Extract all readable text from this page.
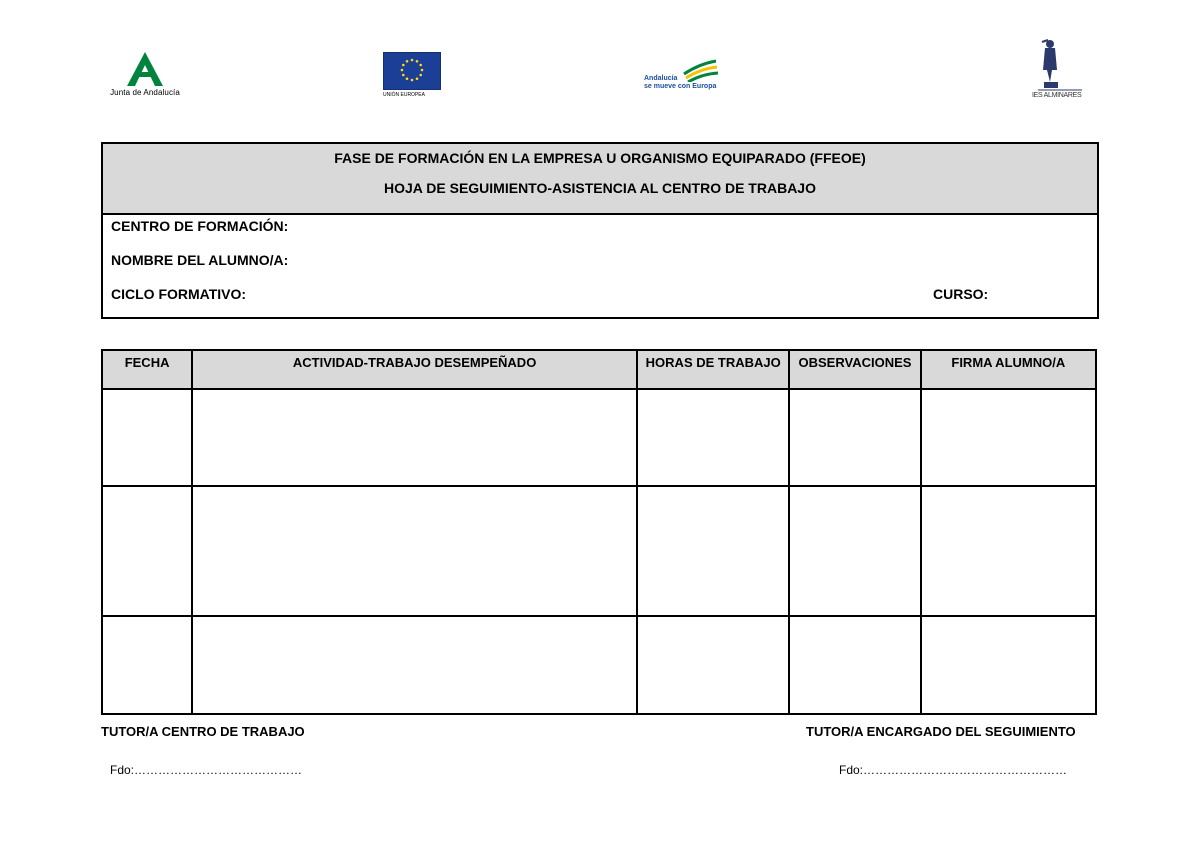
Junta de Andalucía	UNIÓN EUROPEA
Andalucía
se mueve con Europa
IES ALMINARES
FASE DE FORMACIÓN EN LA EMPRESA U ORGANISMO EQUIPARADO (FFEOE)
HOJA DE SEGUIMIENTO-ASISTENCIA AL CENTRO DE TRABAJO
CENTRO DE FORMACIÓN:
NOMBRE DEL ALUMNO/A:
CICLO FORMATIVO:	CURSO:
FECHA	ACTIVIDAD-TRABAJO DESEMPEÑADO	HORAS DE TRABAJO	OBSERVACIONES	FIRMA ALUMNO/A

TUTOR/A CENTRO DE TRABAJO	TUTOR/A ENCARGADO DEL SEGUIMIENTO
Fdo:……………………………………	Fdo:……………………………………………
